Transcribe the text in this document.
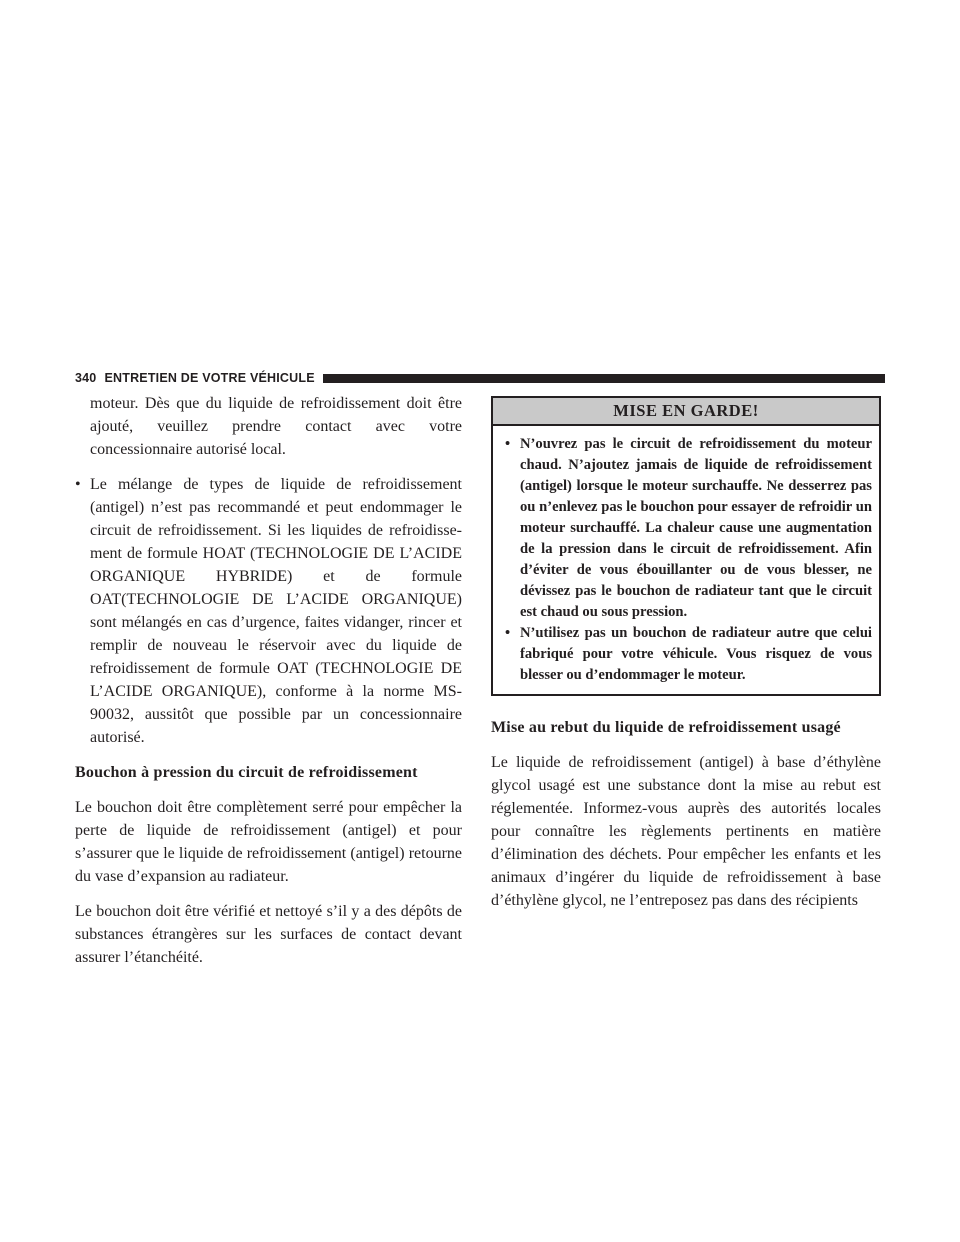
340 ENTRETIEN DE VOTRE VÉHICULE

moteur. Dès que du liquide de refroidissement doit être ajouté, veuillez prendre contact avec votre concessionnaire autorisé local.

• Le mélange de types de liquide de refroidissement (antigel) n’est pas recommandé et peut endommager le circuit de refroidissement. Si les liquides de refroidissement de formule HOAT (TECHNOLOGIE DE L’ACIDE ORGANIQUE HYBRIDE) et de formule OAT(TECHNOLOGIE DE L’ACIDE ORGANIQUE) sont mélangés en cas d’urgence, faites vidanger, rincer et remplir de nouveau le réservoir avec du liquide de refroidissement de formule OAT (TECHNOLOGIE DE L’ACIDE ORGANIQUE), conforme à la norme MS-90032, aussitôt que possible par un concessionnaire autorisé.

Bouchon à pression du circuit de refroidissement

Le bouchon doit être complètement serré pour empêcher la perte de liquide de refroidissement (antigel) et pour s’assurer que le liquide de refroidissement (antigel) retourne du vase d’expansion au radiateur.

Le bouchon doit être vérifié et nettoyé s’il y a des dépôts de substances étrangères sur les surfaces de contact devant assurer l’étanchéité.

MISE EN GARDE!
• N’ouvrez pas le circuit de refroidissement du moteur chaud. N’ajoutez jamais de liquide de refroidissement (antigel) lorsque le moteur surchauffe. Ne desserrez pas ou n’enlevez pas le bouchon pour essayer de refroidir un moteur surchauffé. La chaleur cause une augmentation de la pression dans le circuit de refroidissement. Afin d’éviter de vous ébouillanter ou de vous blesser, ne dévissez pas le bouchon de radiateur tant que le circuit est chaud ou sous pression.
• N’utilisez pas un bouchon de radiateur autre que celui fabriqué pour votre véhicule. Vous risquez de vous blesser ou d’endommager le moteur.

Mise au rebut du liquide de refroidissement usagé

Le liquide de refroidissement (antigel) à base d’éthylène glycol usagé est une substance dont la mise au rebut est réglementée. Informez-vous auprès des autorités locales pour connaître les règlements pertinents en matière d’élimination des déchets. Pour empêcher les enfants et les animaux d’ingérer du liquide de refroidissement à base d’éthylène glycol, ne l’entreposez pas dans des récipients
